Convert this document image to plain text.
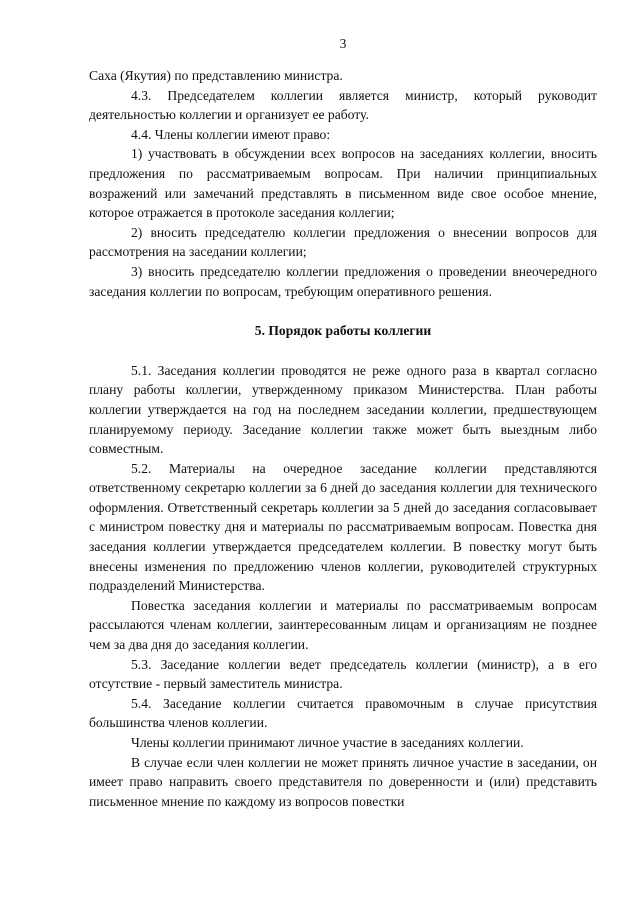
3

Саха (Якутия) по представлению министра.

4.3. Председателем коллегии является министр, который руководит деятельностью коллегии и организует ее работу.

4.4. Члены коллегии имеют право:

1) участвовать в обсуждении всех вопросов на заседаниях коллегии, вносить предложения по рассматриваемым вопросам. При наличии принципиальных возражений или замечаний представлять в письменном виде свое особое мнение, которое отражается в протоколе заседания коллегии;

2) вносить председателю коллегии предложения о внесении вопросов для рассмотрения на заседании коллегии;

3) вносить председателю коллегии предложения о проведении внеочередного заседания коллегии по вопросам, требующим оперативного решения.

5. Порядок работы коллегии

5.1. Заседания коллегии проводятся не реже одного раза в квартал согласно плану работы коллегии, утвержденному приказом Министерства. План работы коллегии утверждается на год на последнем заседании коллегии, предшествующем планируемому периоду. Заседание коллегии также может быть выездным либо совместным.

5.2. Материалы на очередное заседание коллегии представляются ответственному секретарю коллегии за 6 дней до заседания коллегии для технического оформления. Ответственный секретарь коллегии за 5 дней до заседания согласовывает с министром повестку дня и материалы по рассматриваемым вопросам. Повестка дня заседания коллегии утверждается председателем коллегии. В повестку могут быть внесены изменения по предложению членов коллегии, руководителей структурных подразделений Министерства.

Повестка заседания коллегии и материалы по рассматриваемым вопросам рассылаются членам коллегии, заинтересованным лицам и организациям не позднее чем за два дня до заседания коллегии.

5.3. Заседание коллегии ведет председатель коллегии (министр), а в его отсутствие - первый заместитель министра.

5.4. Заседание коллегии считается правомочным в случае присутствия большинства членов коллегии.

Члены коллегии принимают личное участие в заседаниях коллегии.

В случае если член коллегии не может принять личное участие в заседании, он имеет право направить своего представителя по доверенности и (или) представить письменное мнение по каждому из вопросов повестки
